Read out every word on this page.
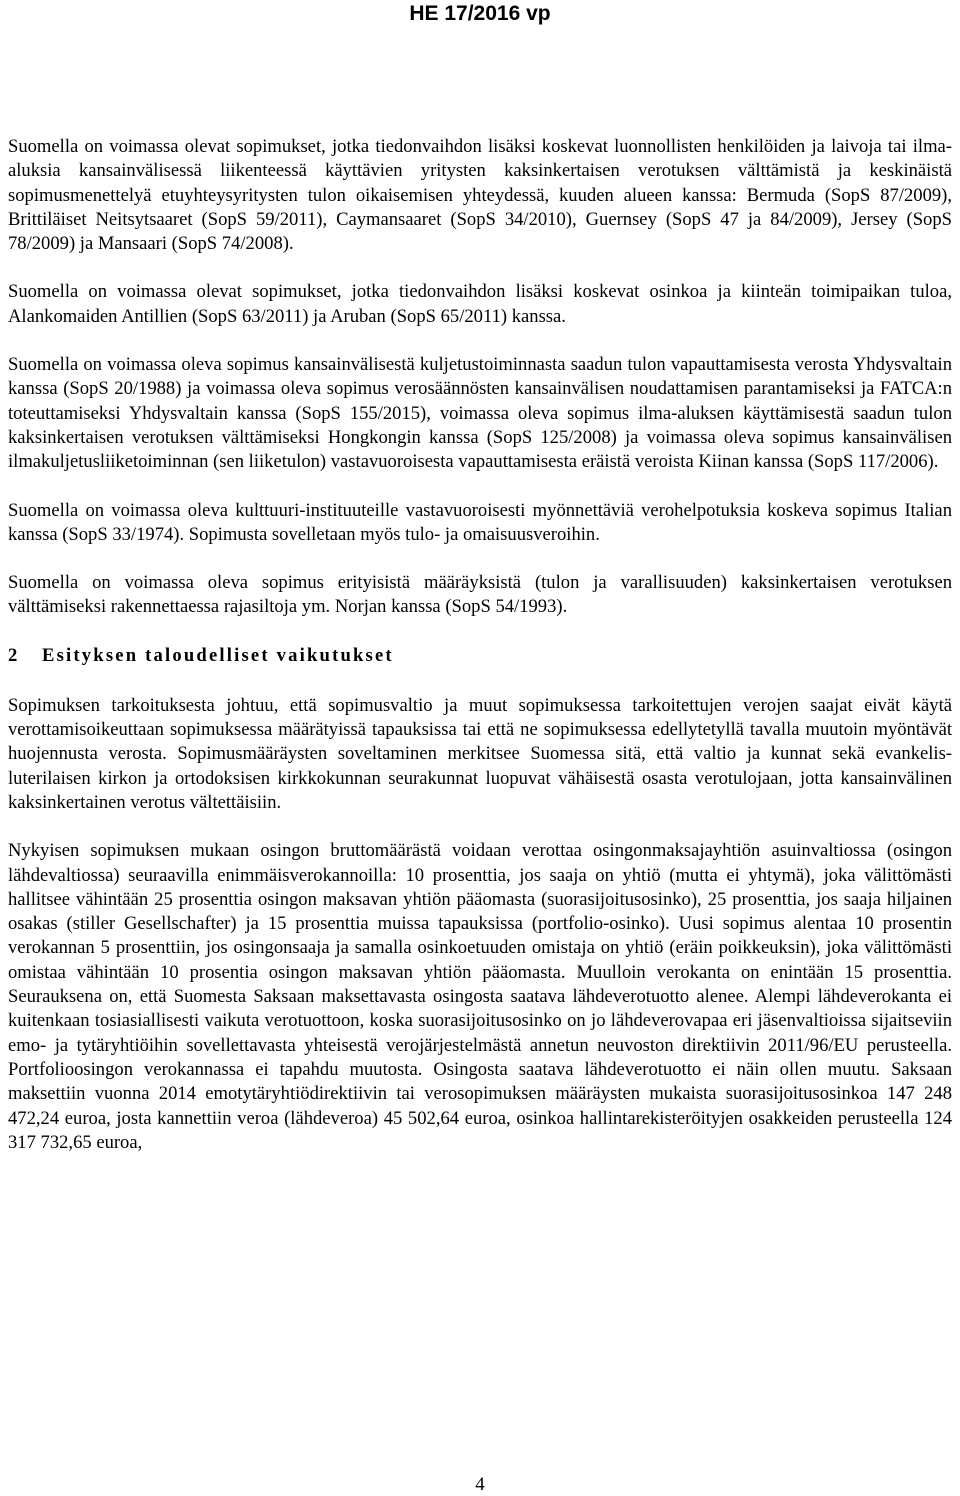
HE 17/2016 vp

Suomella on voimassa olevat sopimukset, jotka tiedonvaihdon lisäksi koskevat luonnollisten henkilöiden ja laivoja tai ilma-aluksia kansainvälisessä liikenteessä käyttävien yritysten kaksinkertaisen verotuksen välttämistä ja keskinäistä sopimusmenettelyä etuyhteysyritysten tulon oikaisemisen yhteydessä, kuuden alueen kanssa: Bermuda (SopS 87/2009), Brittiläiset Neitsytsaaret (SopS 59/2011), Caymansaaret (SopS 34/2010), Guernsey (SopS 47 ja 84/2009), Jersey (SopS 78/2009) ja Mansaari (SopS 74/2008).

Suomella on voimassa olevat sopimukset, jotka tiedonvaihdon lisäksi koskevat osinkoa ja kiinteän toimipaikan tuloa, Alankomaiden Antillien (SopS 63/2011) ja Aruban (SopS 65/2011) kanssa.

Suomella on voimassa oleva sopimus kansainvälisestä kuljetustoiminnasta saadun tulon vapauttamisesta verosta Yhdysvaltain kanssa (SopS 20/1988) ja voimassa oleva sopimus verosäännösten kansainvälisen noudattamisen parantamiseksi ja FATCA:n toteuttamiseksi Yhdysvaltain kanssa (SopS 155/2015), voimassa oleva sopimus ilma-aluksen käyttämisestä saadun tulon kaksinkertaisen verotuksen välttämiseksi Hongkongin kanssa (SopS 125/2008) ja voimassa oleva sopimus kansainvälisen ilmakuljetusliiketoiminnan (sen liiketulon) vastavuoroisesta vapauttamisesta eräistä veroista Kiinan kanssa (SopS 117/2006).

Suomella on voimassa oleva kulttuuri-instituuteille vastavuoroisesti myönnettäviä verohelpotuksia koskeva sopimus Italian kanssa (SopS 33/1974). Sopimusta sovelletaan myös tulo- ja omaisuusveroihin.

Suomella on voimassa oleva sopimus erityisistä määräyksistä (tulon ja varallisuuden) kaksinkertaisen verotuksen välttämiseksi rakennettaessa rajasiltoja ym. Norjan kanssa (SopS 54/1993).

2 Esityksen taloudelliset vaikutukset

Sopimuksen tarkoituksesta johtuu, että sopimusvaltio ja muut sopimuksessa tarkoitettujen verojen saajat eivät käytä verottamisoikeuttaan sopimuksessa määrätyissä tapauksissa tai että ne sopimuksessa edellytetyllä tavalla muutoin myöntävät huojennusta verosta. Sopimusmääräysten soveltaminen merkitsee Suomessa sitä, että valtio ja kunnat sekä evankelis-luterilaisen kirkon ja ortodoksisen kirkkokunnan seurakunnat luopuvat vähäisestä osasta verotulojaan, jotta kansainvälinen kaksinkertainen verotus vältettäisiin.

Nykyisen sopimuksen mukaan osingon bruttomäärästä voidaan verottaa osingonmaksajayhtiön asuinvaltiossa (osingon lähdevaltiossa) seuraavilla enimmäisverokannoilla: 10 prosenttia, jos saaja on yhtiö (mutta ei yhtymä), joka välittömästi hallitsee vähintään 25 prosenttia osingon maksavan yhtiön pääomasta (suorasijoitusosinko), 25 prosenttia, jos saaja hiljainen osakas (stiller Gesellschafter) ja 15 prosenttia muissa tapauksissa (portfolio-osinko). Uusi sopimus alentaa 10 prosentin verokannan 5 prosenttiin, jos osingonsaaja ja samalla osinkoetuuden omistaja on yhtiö (eräin poikkeuksin), joka välittömästi omistaa vähintään 10 prosentia osingon maksavan yhtiön pääomasta. Muulloin verokanta on enintään 15 prosenttia. Seurauksena on, että Suomesta Saksaan maksettavasta osingosta saatava lähdeverotuotto alenee. Alempi lähdeverokanta ei kuitenkaan tosiasiallisesti vaikuta verotuottoon, koska suorasijoitusosinko on jo lähdeverovapaa eri jäsenvaltioissa sijaitseviin emo- ja tytäryhtiöihin sovellettavasta yhteisestä verojärjestelmästä annetun neuvoston direktiivin 2011/96/EU perusteella. Portfolioosingon verokannassa ei tapahdu muutosta. Osingosta saatava lähdeverotuotto ei näin ollen muutu. Saksaan maksettiin vuonna 2014 emotytäryhtiödirektiivin tai verosopimuksen määräysten mukaista suorasijoitusosinkoa 147 248 472,24 euroa, josta kannettiin veroa (lähdeveroa) 45 502,64 euroa, osinkoa hallintarekisteröityjen osakkeiden perusteella 124 317 732,65 euroa,

4
